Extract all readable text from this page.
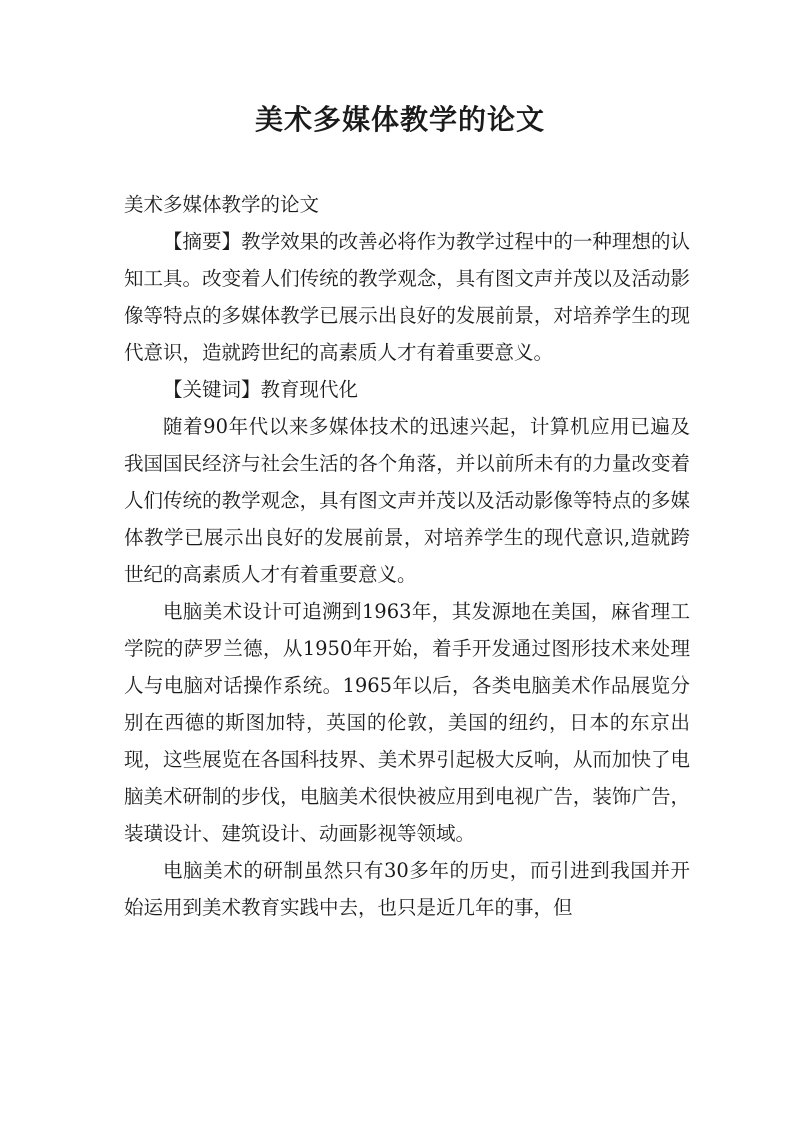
美术多媒体教学的论文

美术多媒体教学的论文

【摘要】教学效果的改善必将作为教学过程中的一种理想的认知工具。改变着人们传统的教学观念，具有图文声并茂以及活动影像等特点的多媒体教学已展示出良好的发展前景，对培养学生的现代意识，造就跨世纪的高素质人才有着重要意义。

【关键词】教育现代化

随着90年代以来多媒体技术的迅速兴起，计算机应用已遍及我国国民经济与社会生活的各个角落，并以前所未有的力量改变着人们传统的教学观念，具有图文声并茂以及活动影像等特点的多媒体教学已展示出良好的发展前景，对培养学生的现代意识,造就跨世纪的高素质人才有着重要意义。

电脑美术设计可追溯到1963年，其发源地在美国，麻省理工学院的萨罗兰德，从1950年开始，着手开发通过图形技术来处理人与电脑对话操作系统。1965年以后，各类电脑美术作品展览分别在西德的斯图加特，英国的伦敦，美国的纽约，日本的东京出现，这些展览在各国科技界、美术界引起极大反响，从而加快了电脑美术研制的步伐，电脑美术很快被应用到电视广告，装饰广告，装璜设计、建筑设计、动画影视等领域。

电脑美术的研制虽然只有30多年的历史，而引进到我国并开始运用到美术教育实践中去，也只是近几年的事，但
